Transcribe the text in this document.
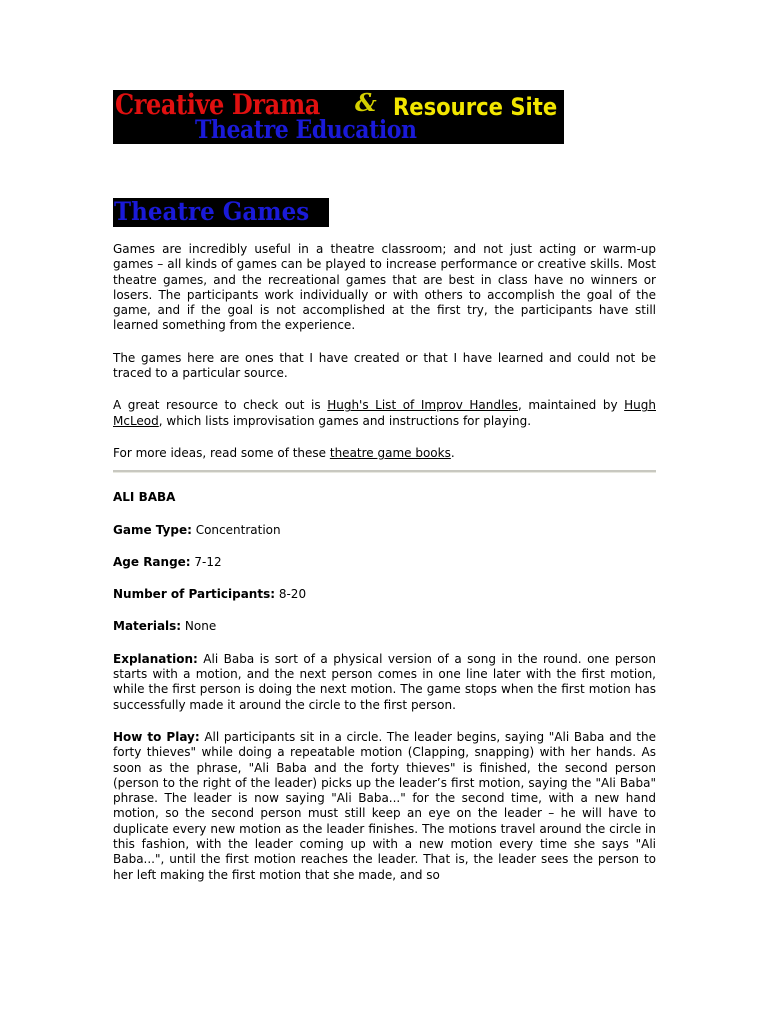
Creative Drama &
Theatre Education
Resource Site
Theatre Games

Games are incredibly useful in a theatre classroom; and not just acting or warm-up games – all kinds of games can be played to increase performance or creative skills. Most theatre games, and the recreational games that are best in class have no winners or losers. The participants work individually or with others to accomplish the goal of the game, and if the goal is not accomplished at the first try, the participants have still learned something from the experience.

The games here are ones that I have created or that I have learned and could not be traced to a particular source.

A great resource to check out is Hugh's List of Improv Handles, maintained by Hugh McLeod, which lists improvisation games and instructions for playing.

For more ideas, read some of these theatre game books.

ALI BABA

Game Type: Concentration

Age Range: 7-12

Number of Participants: 8-20

Materials: None

Explanation: Ali Baba is sort of a physical version of a song in the round. one person starts with a motion, and the next person comes in one line later with the first motion, while the first person is doing the next motion. The game stops when the first motion has successfully made it around the circle to the first person.

How to Play: All participants sit in a circle. The leader begins, saying "Ali Baba and the forty thieves" while doing a repeatable motion (Clapping, snapping) with her hands. As soon as the phrase, "Ali Baba and the forty thieves" is finished, the second person (person to the right of the leader) picks up the leader’s first motion, saying the "Ali Baba" phrase. The leader is now saying "Ali Baba..." for the second time, with a new hand motion, so the second person must still keep an eye on the leader – he will have to duplicate every new motion as the leader finishes. The motions travel around the circle in this fashion, with the leader coming up with a new motion every time she says "Ali Baba...", until the first motion reaches the leader. That is, the leader sees the person to her left making the first motion that she made, and so
